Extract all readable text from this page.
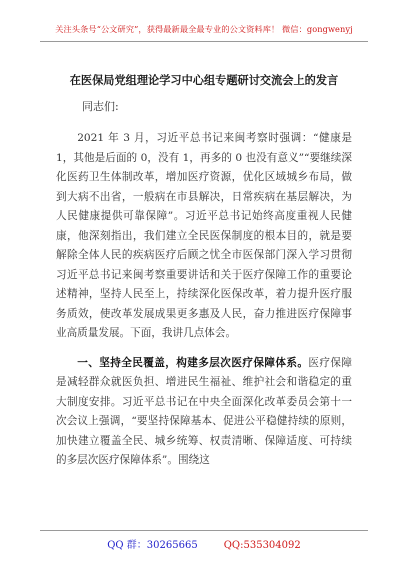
关注头条号“公文研究”，获得最新最全最专业的公文资料库！ 微信：gongwenyj
在医保局党组理论学习中心组专题研讨交流会上的发言
同志们:

2021 年 3 月，习近平总书记来闽考察时强调：“健康是 1，其他是后面的 0，没有 1，再多的 0 也没有意义”“要继续深化医药卫生体制改革，增加医疗资源，优化区域城乡布局，做到大病不出省，一般病在市县解决，日常疾病在基层解决，为人民健康提供可靠保障”。习近平总书记始终高度重视人民健康，他深刻指出，我们建立全民医保制度的根本目的，就是要解除全体人民的疾病医疗后顾之忧全市医保部门深入学习贯彻习近平总书记来闽考察重要讲话和关于医疗保障工作的重要论述精神，坚持人民至上，持续深化医保改革，着力提升医疗服务质效，使改革发展成果更多惠及人民，奋力推进医疗保障事业高质量发展。下面，我讲几点体会。

一、坚持全民覆盖，构建多层次医疗保障体系。医疗保障是减轻群众就医负担、增进民生福祉、维护社会和谐稳定的重大制度安排。习近平总书记在中央全面深化改革委员会第十一次会议上强调，“要坚持保障基本、促进公平稳健持续的原则，加快建立覆盖全民、城乡统筹、权责清晰、保障适度、可持续的多层次医疗保障体系”。围绕这

QQ 群：30265665	QQ:535304092
